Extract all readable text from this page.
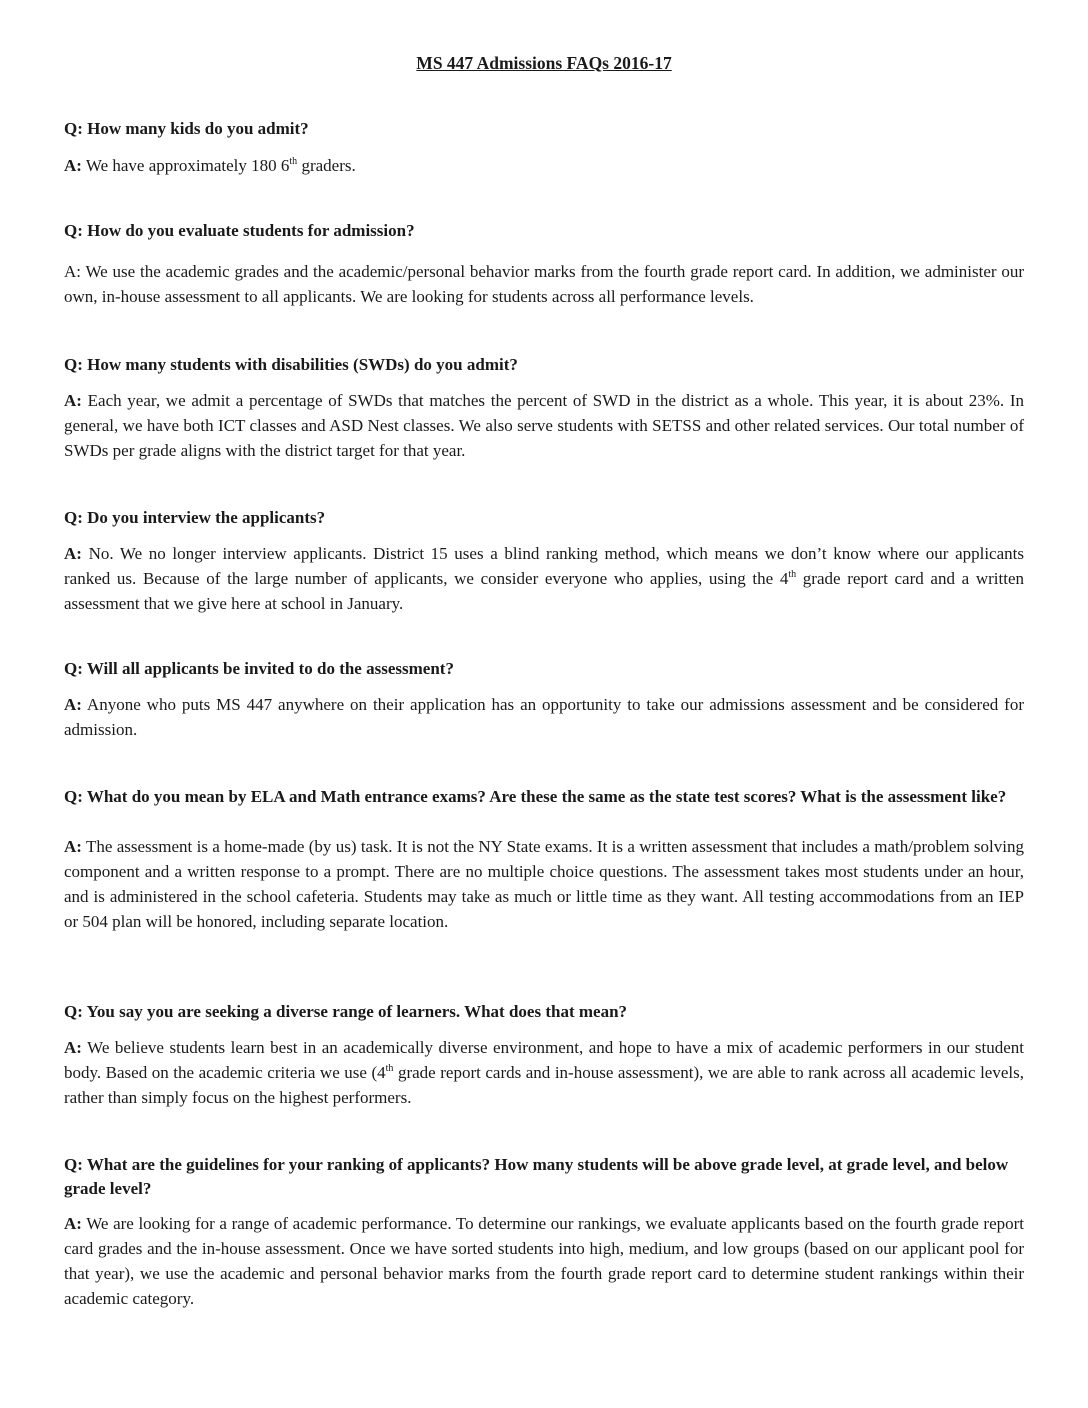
MS 447 Admissions FAQs 2016-17

Q: How many kids do you admit?

A: We have approximately 180 6th graders.

Q: How do you evaluate students for admission?

A: We use the academic grades and the academic/personal behavior marks from the fourth grade report card. In addition, we administer our own, in-house assessment to all applicants. We are looking for students across all performance levels.

Q: How many students with disabilities (SWDs) do you admit?

A: Each year, we admit a percentage of SWDs that matches the percent of SWD in the district as a whole. This year, it is about 23%. In general, we have both ICT classes and ASD Nest classes. We also serve students with SETSS and other related services. Our total number of SWDs per grade aligns with the district target for that year.

Q: Do you interview the applicants?

A: No. We no longer interview applicants. District 15 uses a blind ranking method, which means we don’t know where our applicants ranked us. Because of the large number of applicants, we consider everyone who applies, using the 4th grade report card and a written assessment that we give here at school in January.

Q: Will all applicants be invited to do the assessment?

A: Anyone who puts MS 447 anywhere on their application has an opportunity to take our admissions assessment and be considered for admission.

Q: What do you mean by ELA and Math entrance exams? Are these the same as the state test scores? What is the assessment like?

A: The assessment is a home-made (by us) task. It is not the NY State exams. It is a written assessment that includes a math/problem solving component and a written response to a prompt. There are no multiple choice questions. The assessment takes most students under an hour, and is administered in the school cafeteria. Students may take as much or little time as they want. All testing accommodations from an IEP or 504 plan will be honored, including separate location.

Q: You say you are seeking a diverse range of learners. What does that mean?

A: We believe students learn best in an academically diverse environment, and hope to have a mix of academic performers in our student body. Based on the academic criteria we use (4th grade report cards and in-house assessment), we are able to rank across all academic levels, rather than simply focus on the highest performers.

Q: What are the guidelines for your ranking of applicants? How many students will be above grade level, at grade level, and below grade level?

A: We are looking for a range of academic performance. To determine our rankings, we evaluate applicants based on the fourth grade report card grades and the in-house assessment. Once we have sorted students into high, medium, and low groups (based on our applicant pool for that year), we use the academic and personal behavior marks from the fourth grade report card to determine student rankings within their academic category.
